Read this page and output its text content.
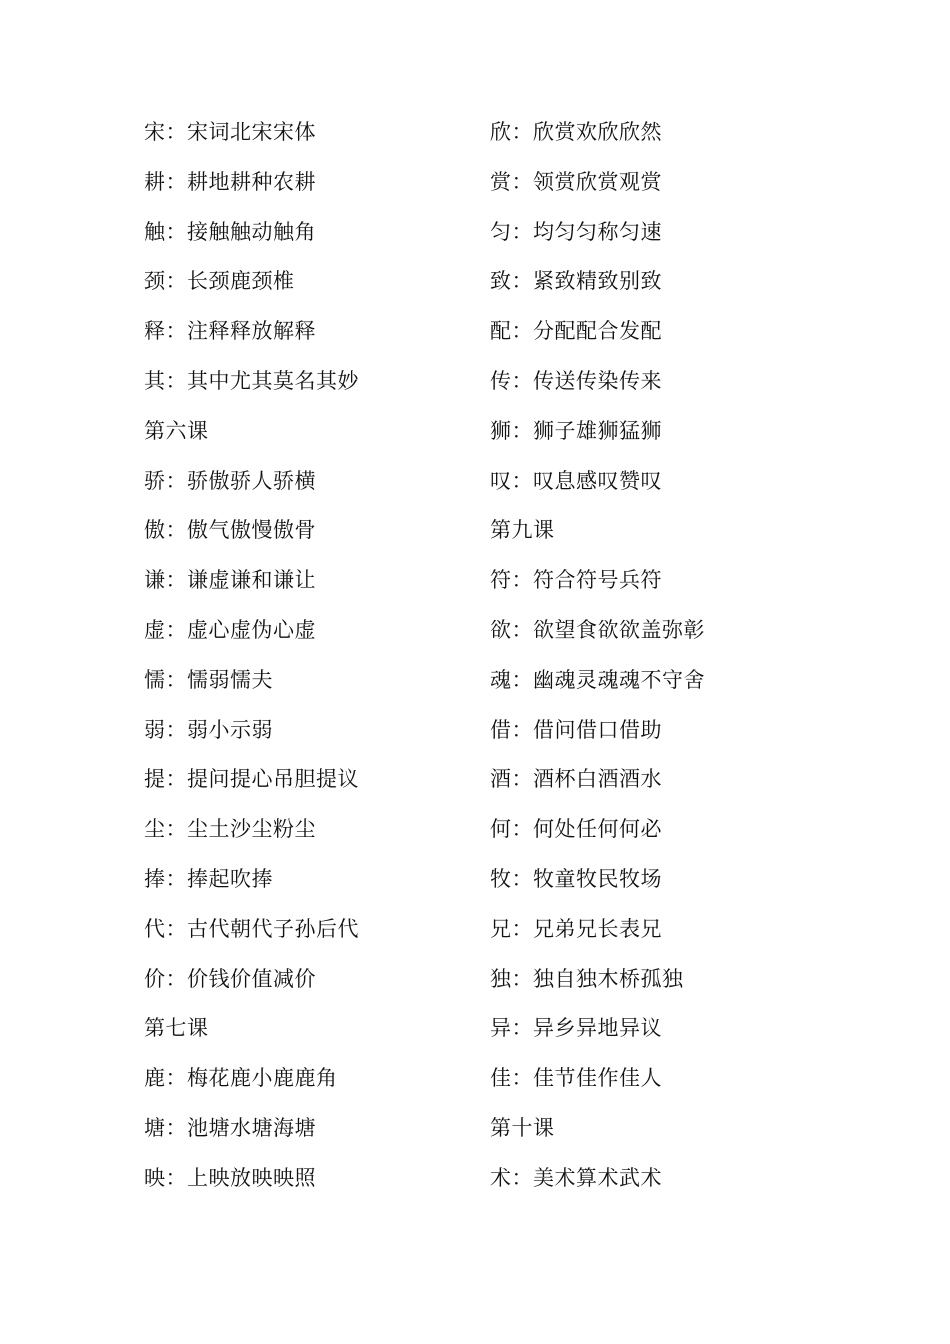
宋：宋词北宋宋体
耕：耕地耕种农耕
触：接触触动触角
颈：长颈鹿颈椎
释：注释释放解释
其：其中尤其莫名其妙
第六课
骄：骄傲骄人骄横
傲：傲气傲慢傲骨
谦：谦虚谦和谦让
虚：虚心虚伪心虚
懦：懦弱懦夫
弱：弱小示弱
提：提问提心吊胆提议
尘：尘土沙尘粉尘
捧：捧起吹捧
代：古代朝代子孙后代
价：价钱价值减价
第七课
鹿：梅花鹿小鹿鹿角
塘：池塘水塘海塘
映：上映放映映照
欣：欣赏欢欣欣然
赏：领赏欣赏观赏
匀：均匀匀称匀速
致：紧致精致别致
配：分配配合发配
传：传送传染传来
狮：狮子雄狮猛狮
叹：叹息感叹赞叹
第九课
符：符合符号兵符
欲：欲望食欲欲盖弥彰
魂：幽魂灵魂魂不守舍
借：借问借口借助
酒：酒杯白酒酒水
何：何处任何何必
牧：牧童牧民牧场
兄：兄弟兄长表兄
独：独自独木桥孤独
异：异乡异地异议
佳：佳节佳作佳人
第十课
术：美术算术武术
